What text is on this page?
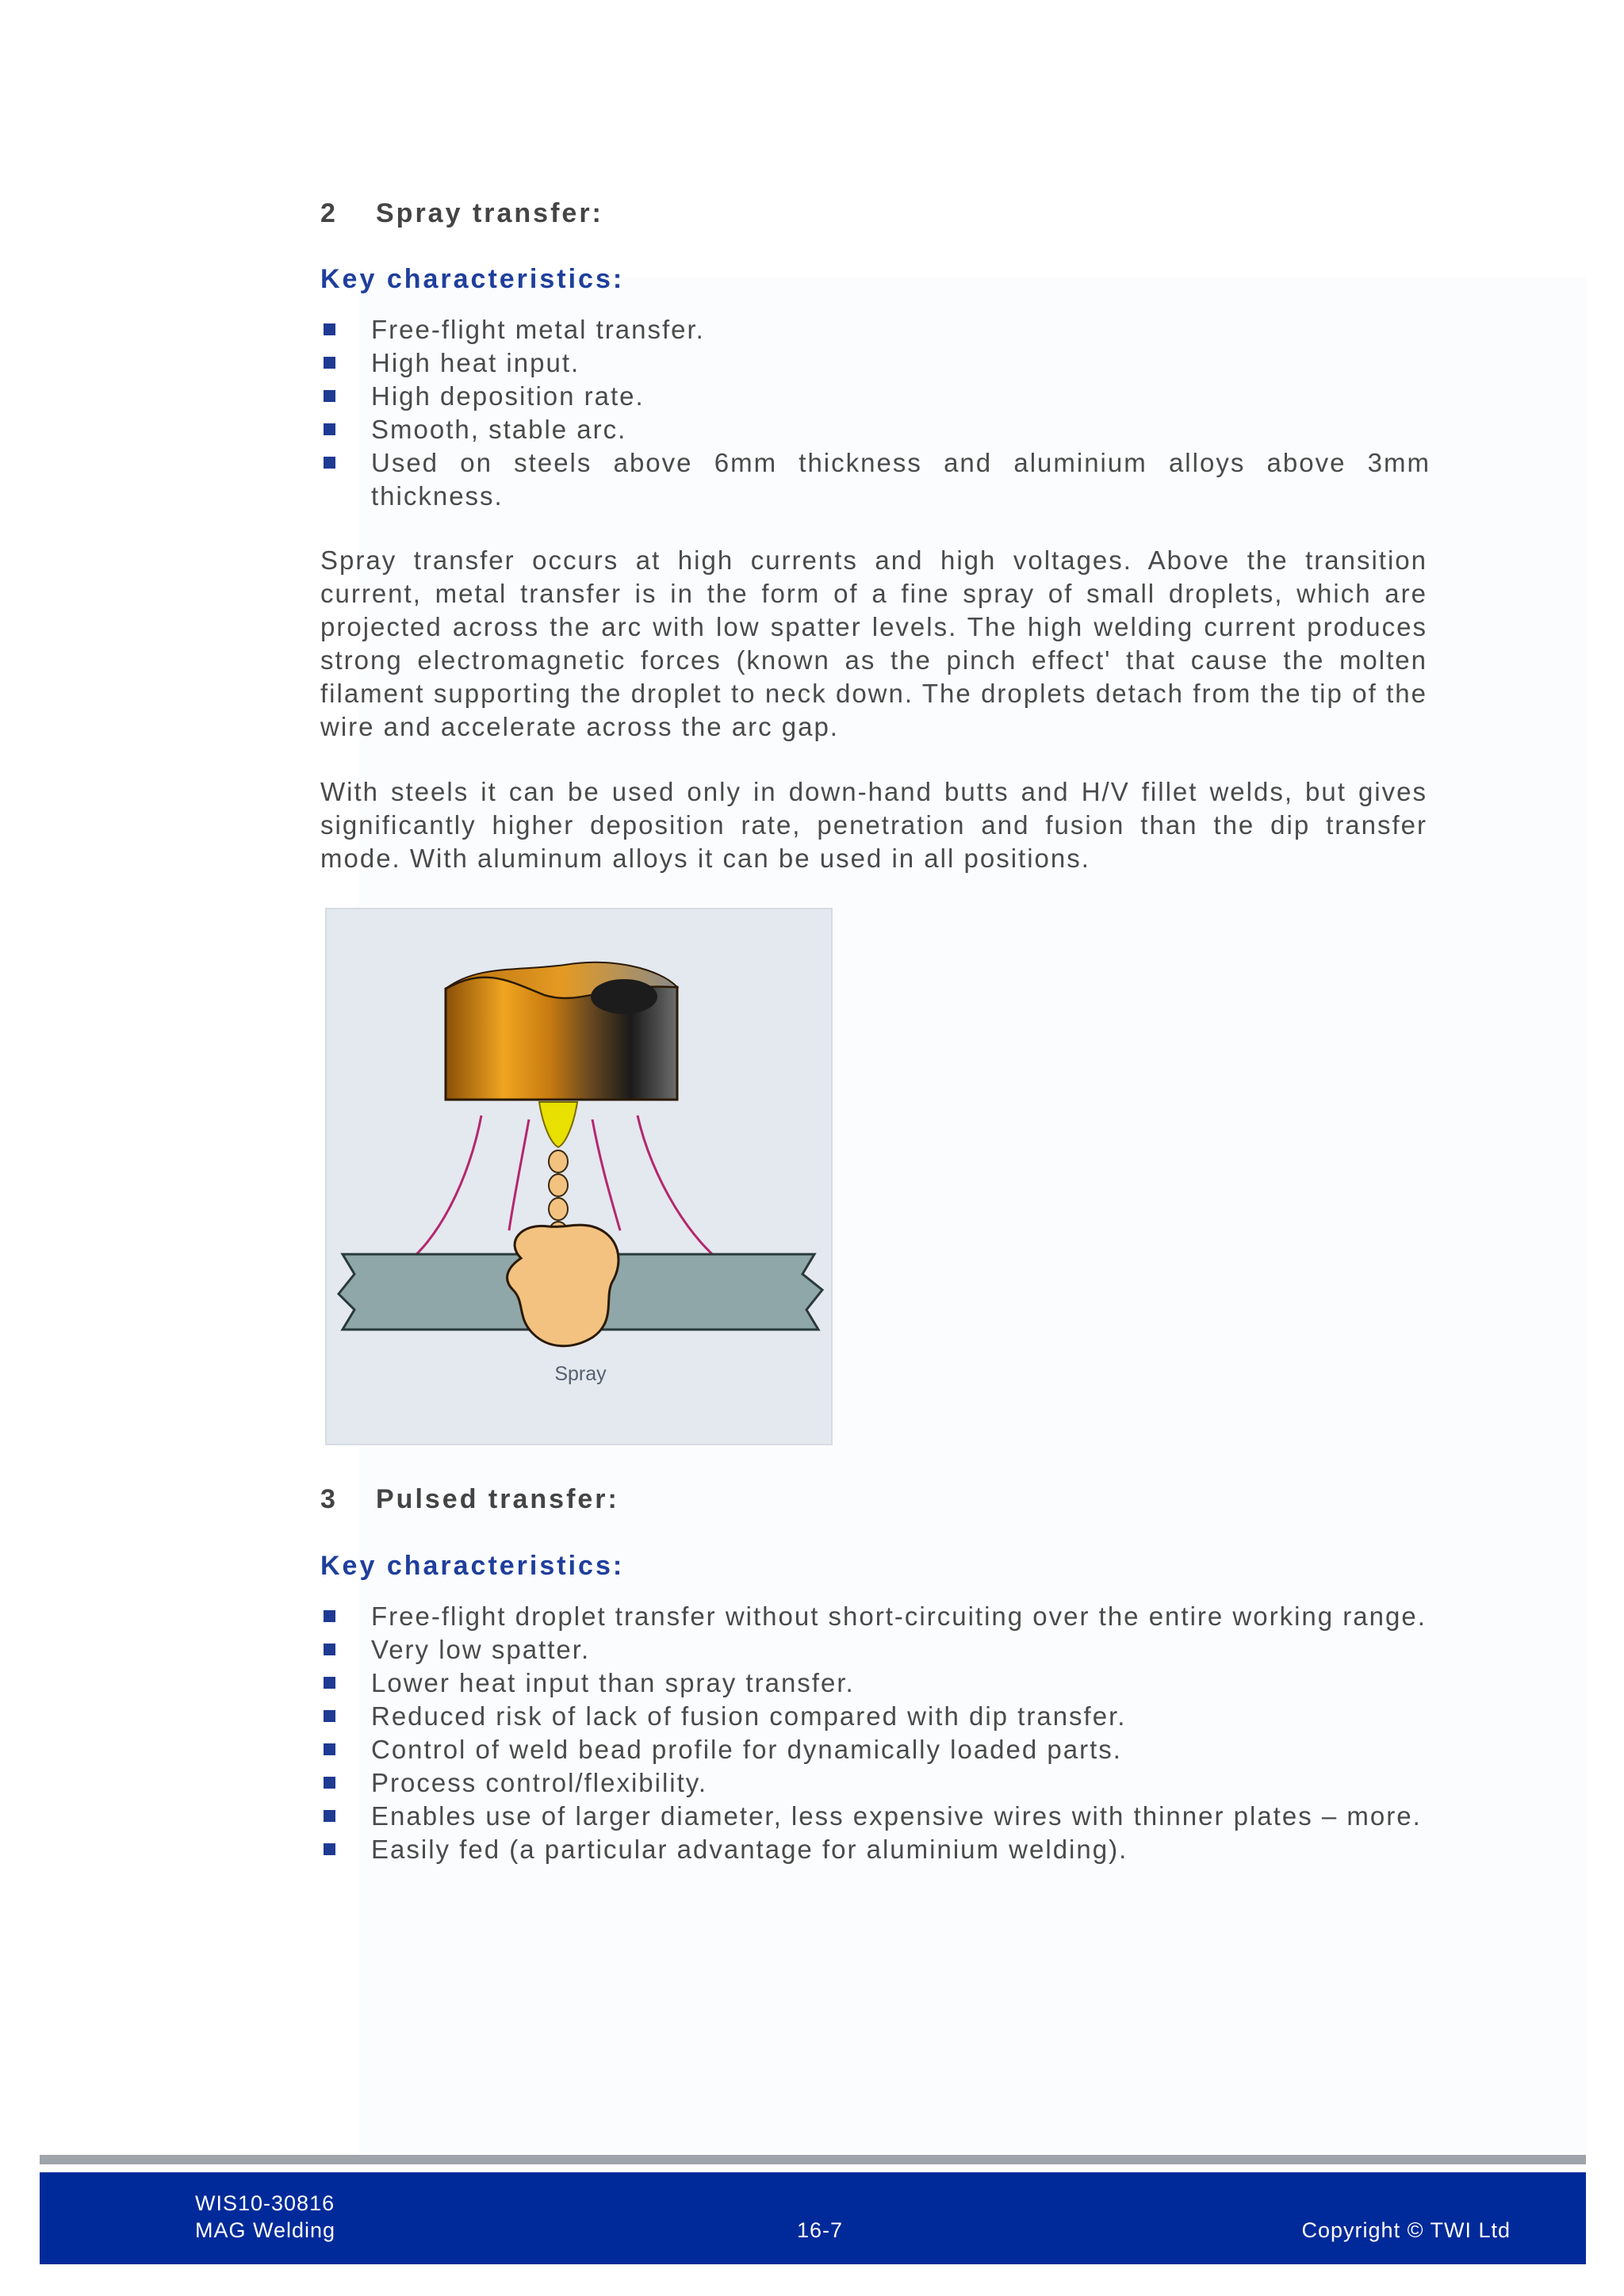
2 Spray transfer:
Key characteristics:
Free-flight metal transfer.
High heat input.
High deposition rate.
Smooth, stable arc.
Used on steels above 6mm thickness and aluminium alloys above 3mm thickness.

Spray transfer occurs at high currents and high voltages. Above the transition current, metal transfer is in the form of a fine spray of small droplets, which are projected across the arc with low spatter levels. The high welding current produces strong electromagnetic forces (known as the pinch effect' that cause the molten filament supporting the droplet to neck down. The droplets detach from the tip of the wire and accelerate across the arc gap.

With steels it can be used only in down-hand butts and H/V fillet welds, but gives significantly higher deposition rate, penetration and fusion than the dip transfer mode. With aluminum alloys it can be used in all positions.

Spray
3 Pulsed transfer:
Key characteristics:
Free-flight droplet transfer without short-circuiting over the entire working range.
Very low spatter.
Lower heat input than spray transfer.
Reduced risk of lack of fusion compared with dip transfer.
Control of weld bead profile for dynamically loaded parts.
Process control/flexibility.
Enables use of larger diameter, less expensive wires with thinner plates – more.
Easily fed (a particular advantage for aluminium welding).
WIS10-30816
MAG Welding	16-7	Copyright © TWI Ltd
